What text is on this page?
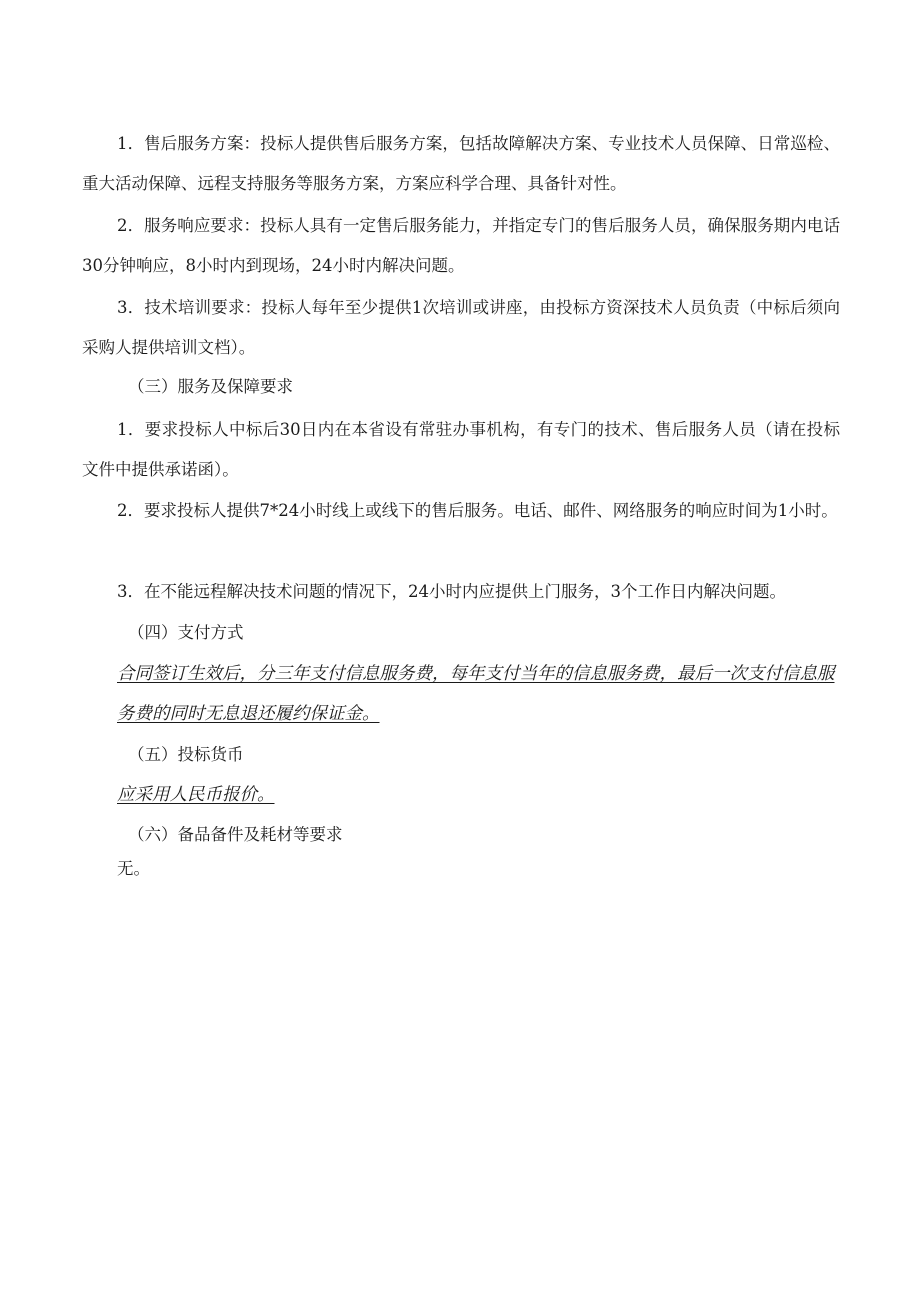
1．售后服务方案：投标人提供售后服务方案，包括故障解决方案、专业技术人员保障、日常巡检、重大活动保障、远程支持服务等服务方案，方案应科学合理、具备针对性。

2．服务响应要求：投标人具有一定售后服务能力，并指定专门的售后服务人员，确保服务期内电话30分钟响应，8小时内到现场，24小时内解决问题。

3．技术培训要求：投标人每年至少提供1次培训或讲座，由投标方资深技术人员负责（中标后须向采购人提供培训文档）。

（三）服务及保障要求

1．要求投标人中标后30日内在本省设有常驻办事机构，有专门的技术、售后服务人员（请在投标文件中提供承诺函）。

2．要求投标人提供7*24小时线上或线下的售后服务。电话、邮件、网络服务的响应时间为1小时。

3．在不能远程解决技术问题的情况下，24小时内应提供上门服务，3个工作日内解决问题。

（四）支付方式

合同签订生效后，分三年支付信息服务费，每年支付当年的信息服务费，最后一次支付信息服务费的同时无息退还履约保证金。

（五）投标货币

应采用人民币报价。

（六）备品备件及耗材等要求

无。
